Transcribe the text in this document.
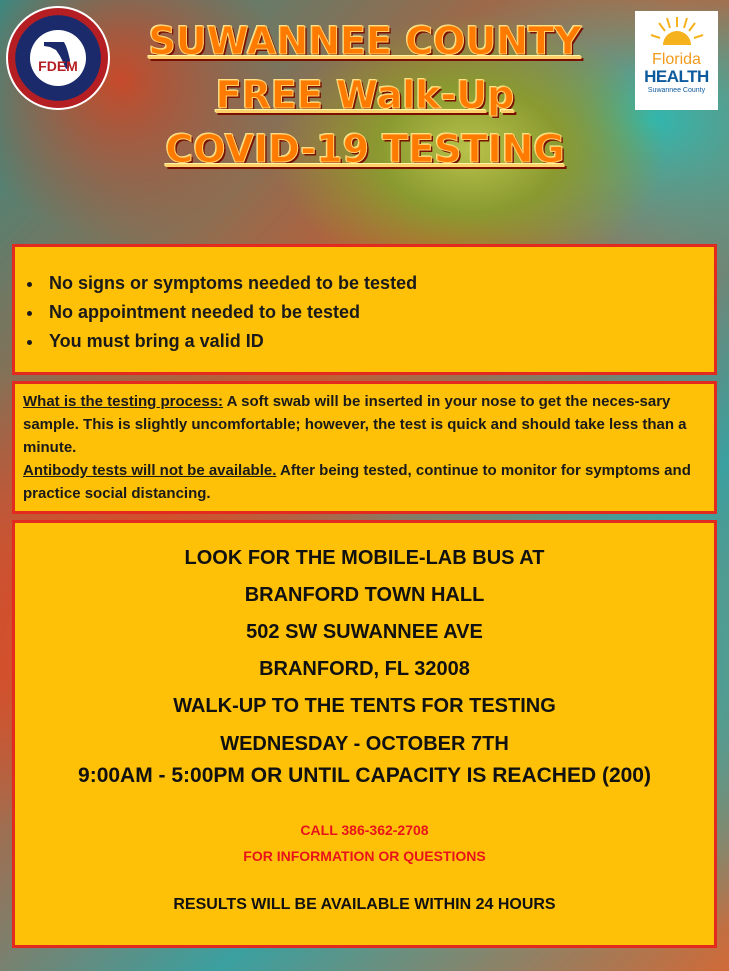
FDEM
SUWANNEE COUNTY
FREE Walk-Up
COVID-19 TESTING
Florida
HEALTH
Suwannee County
No signs or symptoms needed to be tested
No appointment needed to be tested
You must bring a valid ID
What is the testing process: A soft swab will be inserted in your nose to get the neces-sary sample. This is slightly uncomfortable; however, the test is quick and should take less than a minute.
Antibody tests will not be available. After being tested, continue to monitor for symptoms and practice social distancing.
LOOK FOR THE MOBILE-LAB BUS AT
BRANFORD TOWN HALL
502 SW SUWANNEE AVE
BRANFORD, FL 32008
WALK-UP TO THE TENTS FOR TESTING
WEDNESDAY - OCTOBER 7TH
9:00AM - 5:00PM OR UNTIL CAPACITY IS REACHED (200)
CALL 386-362-2708
FOR INFORMATION OR QUESTIONS
RESULTS WILL BE AVAILABLE WITHIN 24 HOURS
